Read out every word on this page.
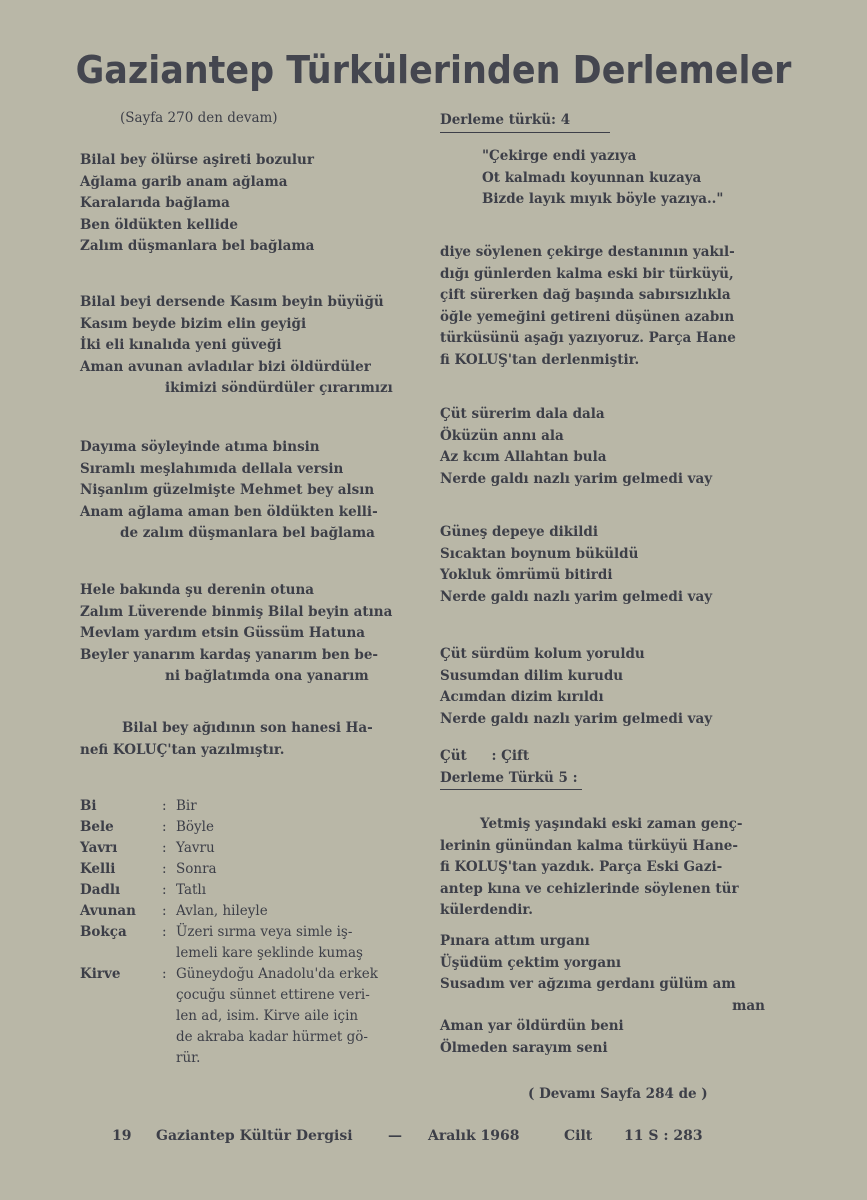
Gaziantep Türkülerinden Derlemeler
(Sayfa 270 den devam)
Bilal bey ölürse aşireti bozulur
Ağlama garib anam ağlama
Karalarıda bağlama
Ben öldükten kellide
Zalım düşmanlara bel bağlama
Bilal beyi dersende Kasım beyin büyüğü
Kasım beyde bizim elin geyiği
İki eli kınalıda yeni güveği
Aman avunan avladılar bizi öldürdüler
ikimizi söndürdüler çırarımızı
Dayıma söyleyinde atıma binsin
Sıramlı meşlahımıda dellala versin
Nişanlım güzelmişte Mehmet bey alsın
Anam ağlama aman ben öldükten kelli-
de zalım düşmanlara bel bağlama
Hele bakında şu derenin otuna
Zalım Lüverende binmiş Bilal beyin atına
Mevlam yardım etsin Güssüm Hatuna
Beyler yanarım kardaş yanarım ben be-
ni bağlatımda ona yanarım
Bilal bey ağıdının son hanesi Ha-
nefi KOLUÇ'tan yazılmıştır.
Bi	: Bir
Bele	: Böyle
Yavrı	: Yavru
Kelli	: Sonra
Dadlı	: Tatlı
Avunan	: Avlan, hileyle
Bokça	: Üzeri sırma veya simle iş-
lemeli kare şeklinde kumaş
Kirve	: Güneydoğu Anadolu'da erkek
çocuğu sünnet ettirene veri-
len ad, isim. Kirve aile için
de akraba kadar hürmet gö-
rür.
Derleme türkü: 4
"Çekirge endi yazıya
Ot kalmadı koyunnan kuzaya
Bizde layık mıyık böyle yazıya.."
diye söylenen çekirge destanının yakıl-
dığı günlerden kalma eski bir türküyü,
çift sürerken dağ başında sabırsızlıkla
öğle yemeğini getireni düşünen azabın
türküsünü aşağı yazıyoruz. Parça Hane
fi KOLUŞ'tan derlenmiştir.
Çüt sürerim dala dala
Öküzün annı ala
Az kcım Allahtan bula
Nerde galdı nazlı yarim gelmedi vay
Güneş depeye dikildi
Sıcaktan boynum büküldü
Yokluk ömrümü bitirdi
Nerde galdı nazlı yarim gelmedi vay
Çüt sürdüm kolum yoruldu
Susumdan dilim kurudu
Acımdan dizim kırıldı
Nerde galdı nazlı yarim gelmedi vay
Çüt : Çift
Derleme Türkü 5 :
Yetmiş yaşındaki eski zaman genç-
lerinin günündan kalma türküyü Hane-
fi KOLUŞ'tan yazdık. Parça Eski Gazi-
antep kına ve cehizlerinde söylenen tür
külerdendir.
Pınara attım urganı
Üşüdüm çektim yorganı
Susadım ver ağzıma gerdanı gülüm am
man
Aman yar öldürdün beni
Ölmeden sarayım seni
( Devamı Sayfa 284 de )
19	Gaziantep Kültür Dergisi	—	Aralık 1968	Cilt	11 S : 283
